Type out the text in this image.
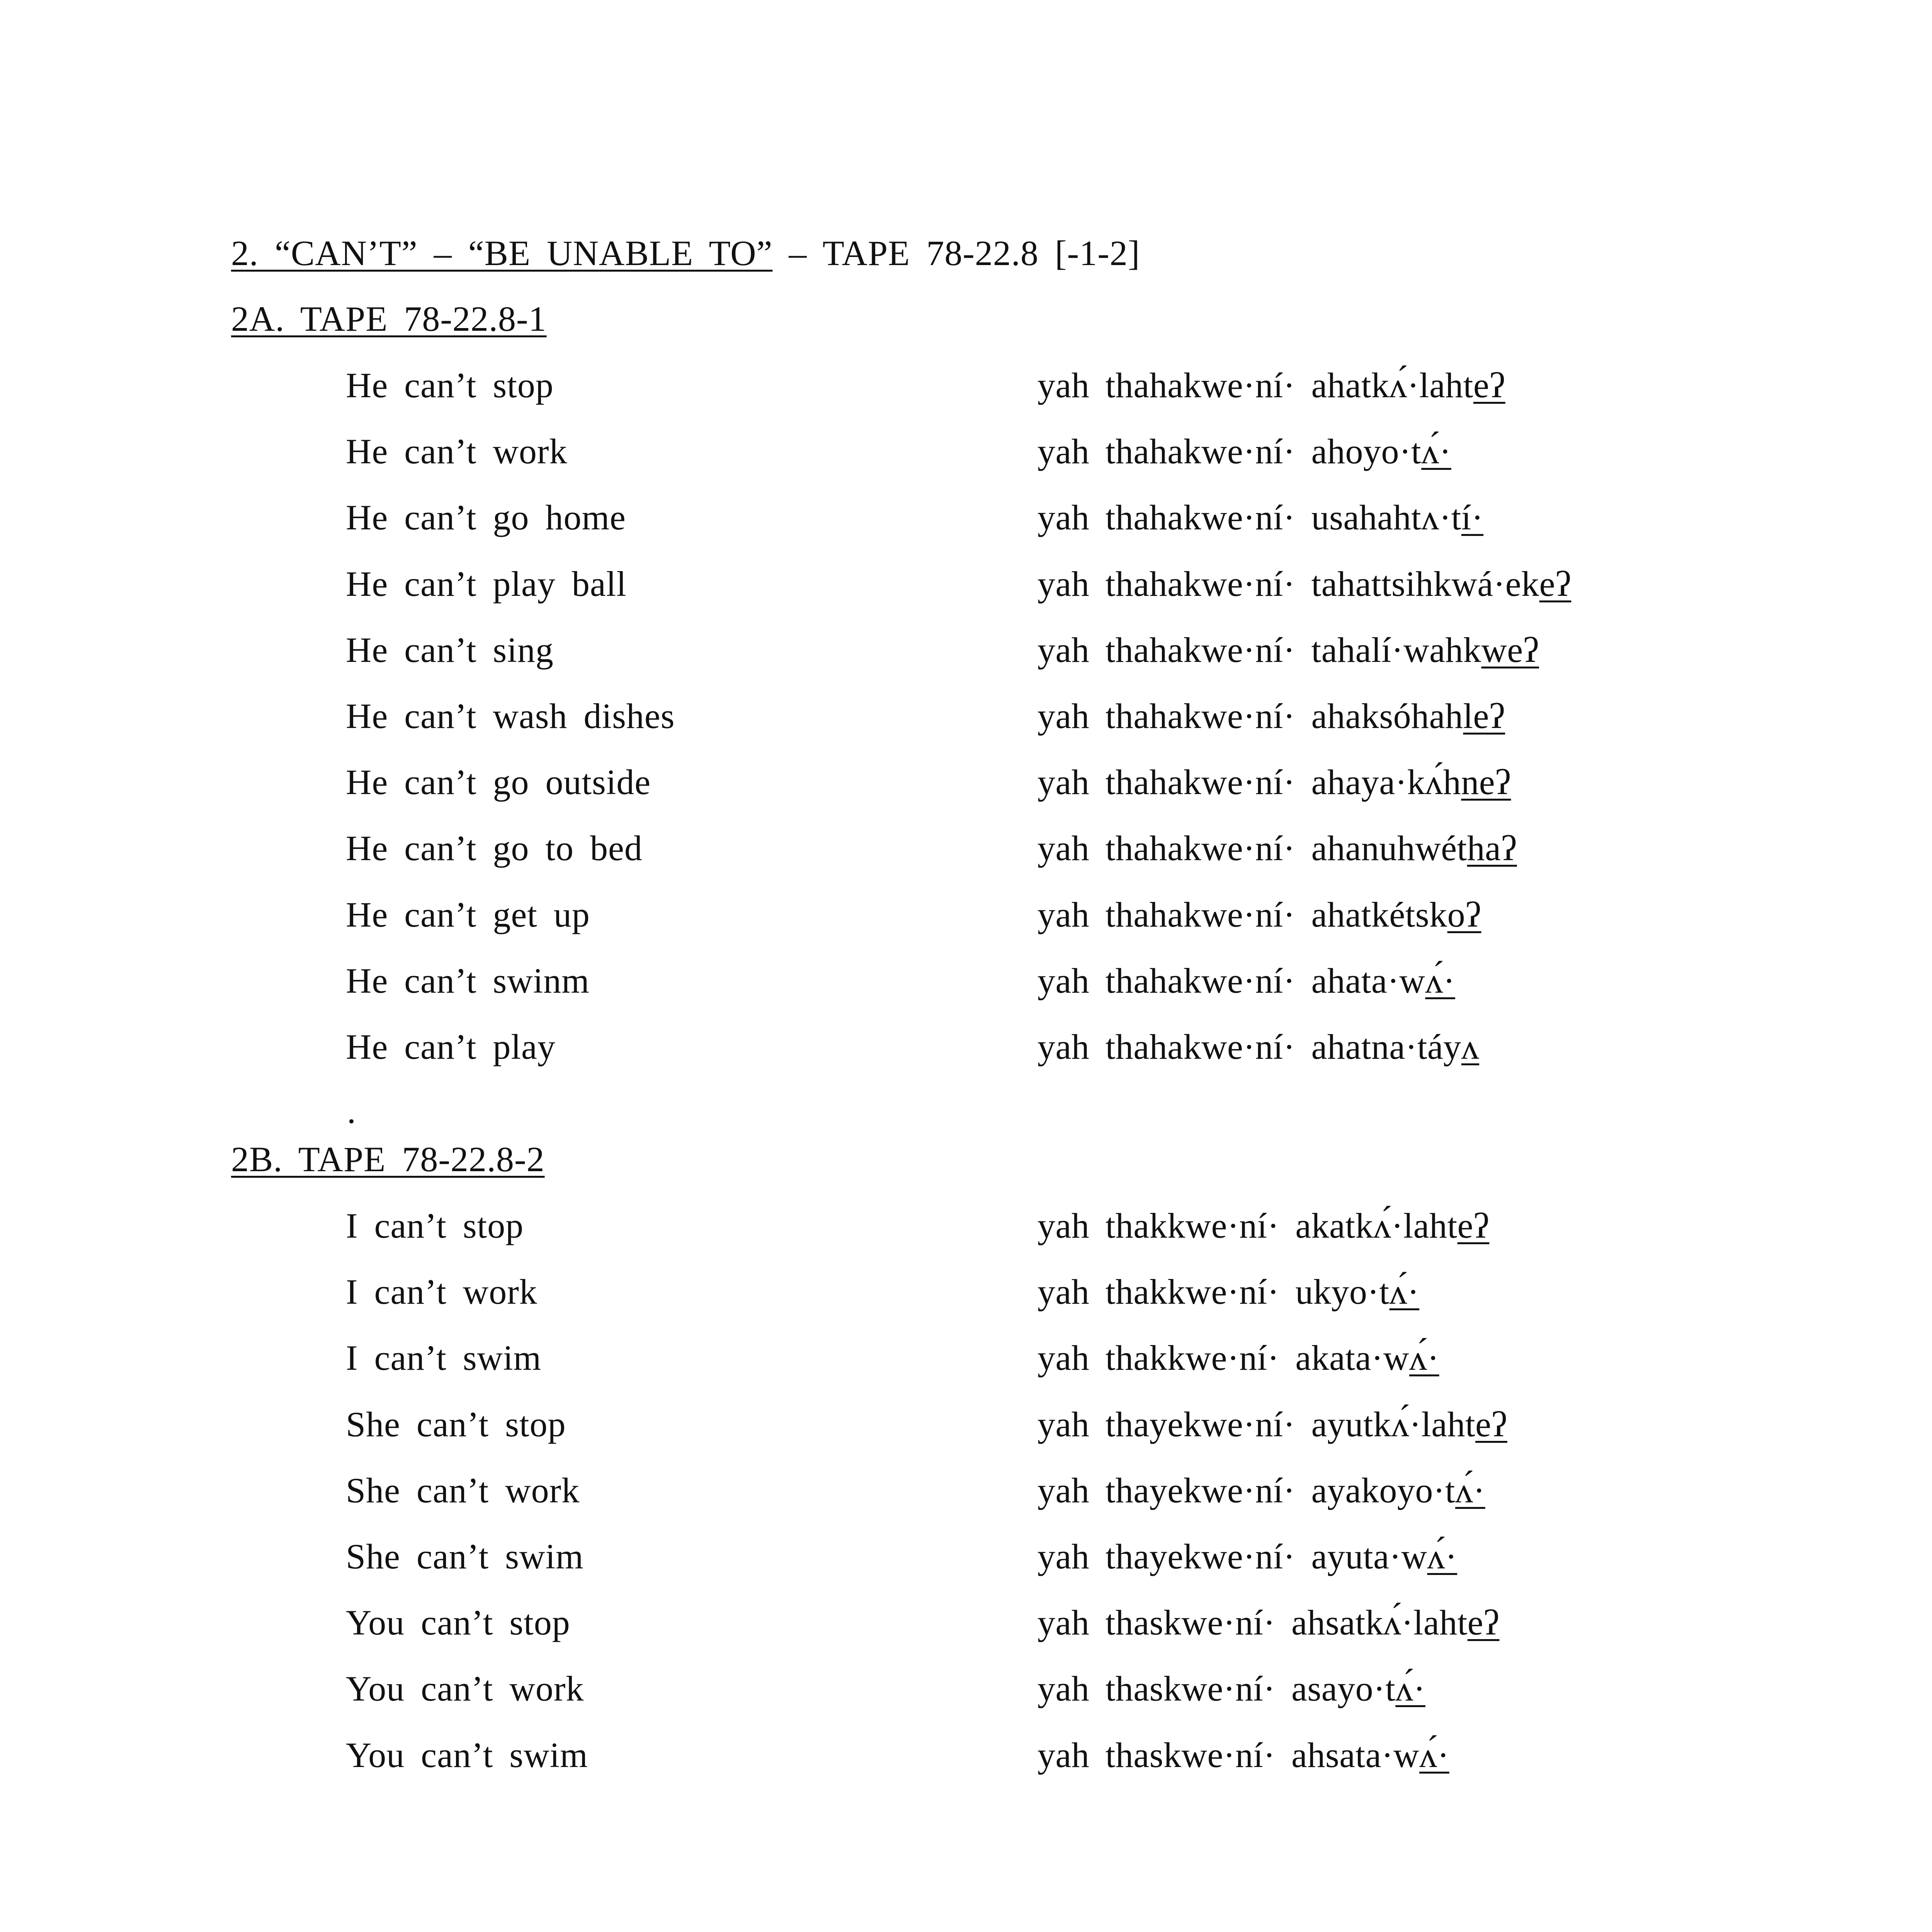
2. “CAN’T” – “BE UNABLE TO” – TAPE 78-22.8 [-1-2]
2A. TAPE 78-22.8-1
He can’t stop	yah thahakwe·ní· ahatkʌ́·lahteʔ
He can’t work	yah thahakwe·ní· ahoyo·tʌ́·
He can’t go home	yah thahakwe·ní· usahahtʌ·tí·
He can’t play ball	yah thahakwe·ní· tahattsihkwá·ekeʔ
He can’t sing	yah thahakwe·ní· tahalí·wahkweʔ
He can’t wash dishes	yah thahakwe·ní· ahaksóhahleʔ
He can’t go outside	yah thahakwe·ní· ahaya·kʌ́hneʔ
He can’t go to bed	yah thahakwe·ní· ahanuhwéthaʔ
He can’t get up	yah thahakwe·ní· ahatkétskoʔ
He can’t swinm	yah thahakwe·ní· ahata·wʌ́·
He can’t play	yah thahakwe·ní· ahatna·táyʌ
.
2B. TAPE 78-22.8-2
I can’t stop	yah thakkwe·ní· akatkʌ́·lahteʔ
I can’t work	yah thakkwe·ní· ukyo·tʌ́·
I can’t swim	yah thakkwe·ní· akata·wʌ́·
She can’t stop	yah thayekwe·ní· ayutkʌ́·lahteʔ
She can’t work	yah thayekwe·ní· ayakoyo·tʌ́·
She can’t swim	yah thayekwe·ní· ayuta·wʌ́·
You can’t stop	yah thaskwe·ní· ahsatkʌ́·lahteʔ
You can’t work	yah thaskwe·ní· asayo·tʌ́·
You can’t swim	yah thaskwe·ní· ahsata·wʌ́·
